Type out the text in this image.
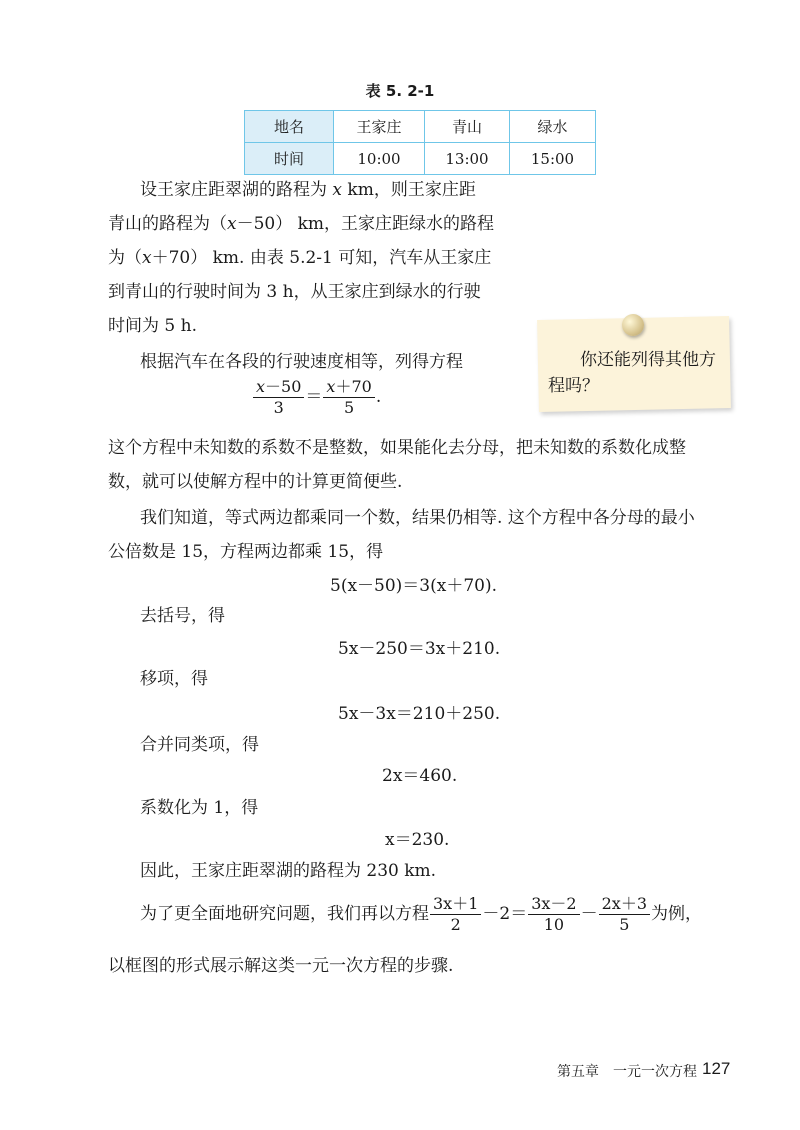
表 5. 2-1
地名	王家庄	青山	绿水
时间	10:00	13:00	15:00
设王家庄距翠湖的路程为 x km，则王家庄距
青山的路程为（x－50） km，王家庄距绿水的路程
为（x＋70） km. 由表 5.2-1 可知，汽车从王家庄
到青山的行驶时间为 3 h，从王家庄到绿水的行驶
时间为 5 h.
根据汽车在各段的行驶速度相等，列得方程
$\frac{x-50}{3} = \frac{x+70}{5}$ .
你还能列得其他方程吗？
这个方程中未知数的系数不是整数，如果能化去分母，把未知数的系数化成整
数，就可以使解方程中的计算更简便些.
我们知道，等式两边都乘同一个数，结果仍相等. 这个方程中各分母的最小
公倍数是 15，方程两边都乘 15，得
5(x－50)＝3(x＋70).
去括号，得
5x－250＝3x＋210.
移项，得
5x－3x＝210＋250.
合并同类项，得
2x＝460.
系数化为 1，得
x＝230.
因此，王家庄距翠湖的路程为 230 km.
为了更全面地研究问题，我们再以方程 $\frac{3x+1}{2} -2= \frac{3x-2}{10} - \frac{2x+3}{5}$ 为例，
以框图的形式展示解这类一元一次方程的步骤.
第五章　一元一次方程 127
